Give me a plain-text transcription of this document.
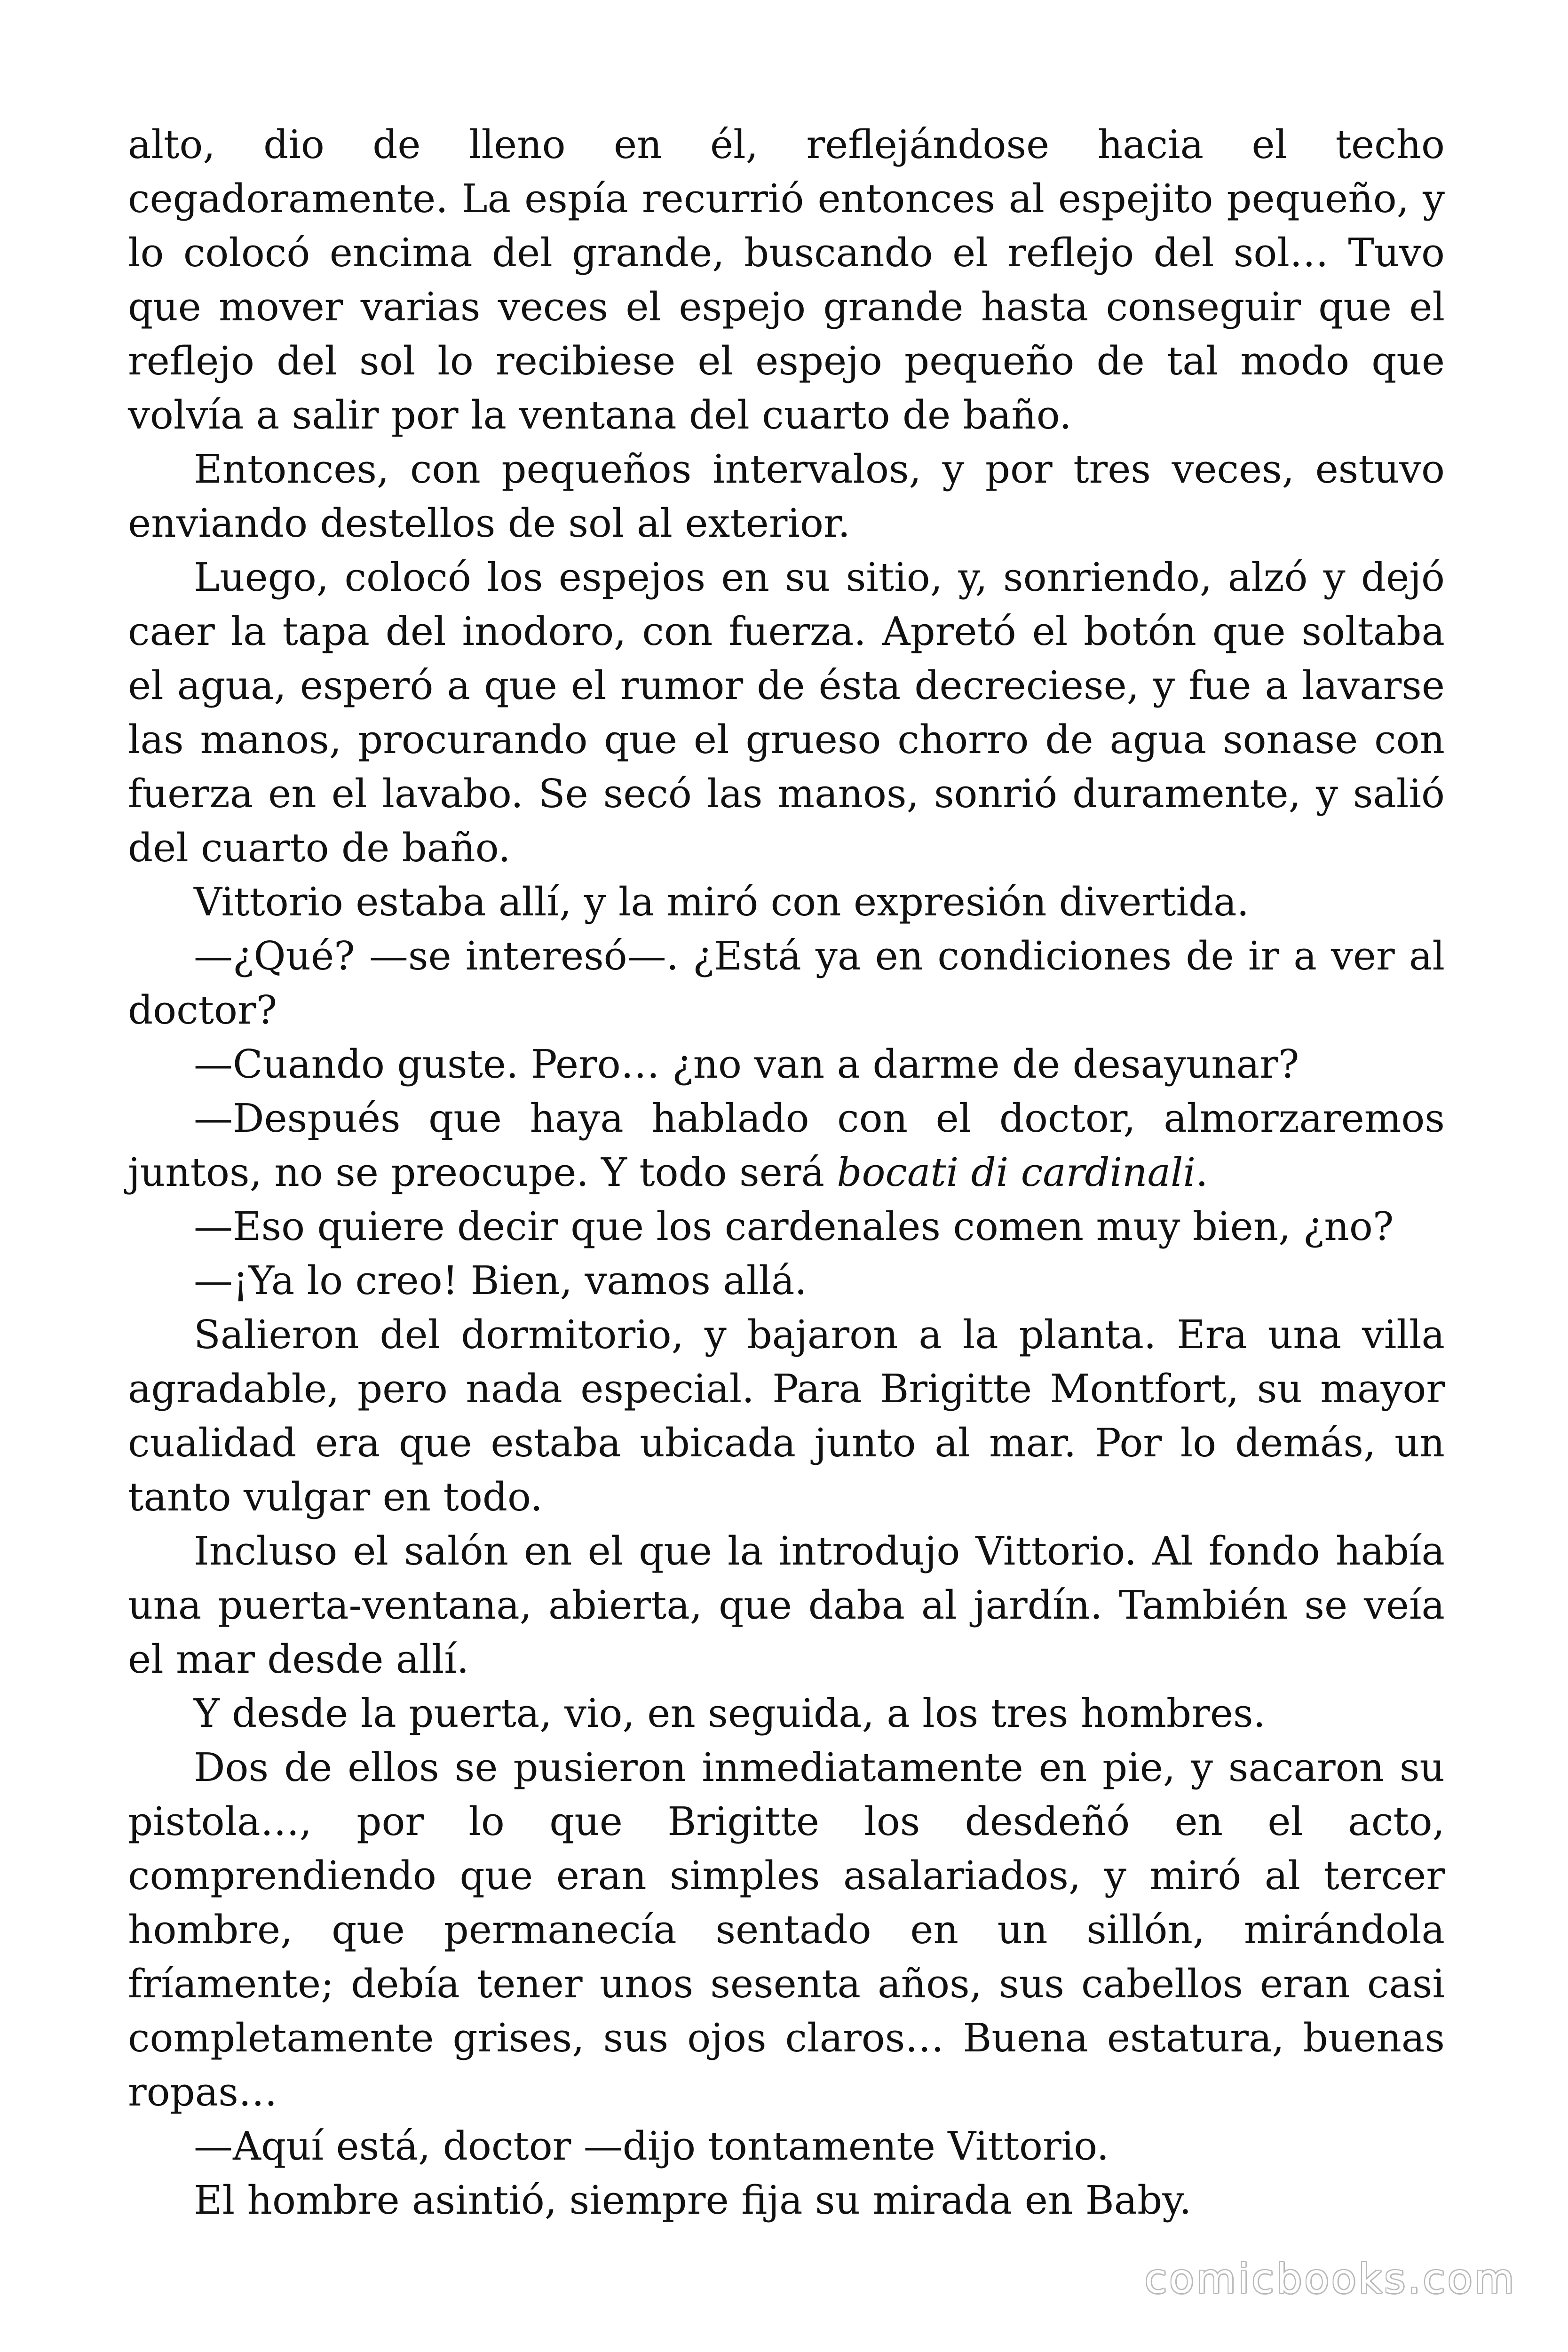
alto, dio de lleno en él, reflejándose hacia el techo cegadoramente. La espía recurrió entonces al espejito pequeño, y lo colocó encima del grande, buscando el reflejo del sol… Tuvo que mover varias veces el espejo grande hasta conseguir que el reflejo del sol lo recibiese el espejo pequeño de tal modo que volvía a salir por la ventana del cuarto de baño.

Entonces, con pequeños intervalos, y por tres veces, estuvo enviando destellos de sol al exterior.

Luego, colocó los espejos en su sitio, y, sonriendo, alzó y dejó caer la tapa del inodoro, con fuerza. Apretó el botón que soltaba el agua, esperó a que el rumor de ésta decreciese, y fue a lavarse las manos, procurando que el grueso chorro de agua sonase con fuerza en el lavabo. Se secó las manos, sonrió duramente, y salió del cuarto de baño.

Vittorio estaba allí, y la miró con expresión divertida.

—¿Qué? —se interesó—. ¿Está ya en condiciones de ir a ver al doctor?

—Cuando guste. Pero… ¿no van a darme de desayunar?

—Después que haya hablado con el doctor, almorzaremos juntos, no se preocupe. Y todo será bocati di cardinali.

—Eso quiere decir que los cardenales comen muy bien, ¿no?

—¡Ya lo creo! Bien, vamos allá.

Salieron del dormitorio, y bajaron a la planta. Era una villa agradable, pero nada especial. Para Brigitte Montfort, su mayor cualidad era que estaba ubicada junto al mar. Por lo demás, un tanto vulgar en todo.

Incluso el salón en el que la introdujo Vittorio. Al fondo había una puerta-ventana, abierta, que daba al jardín. También se veía el mar desde allí.

Y desde la puerta, vio, en seguida, a los tres hombres.

Dos de ellos se pusieron inmediatamente en pie, y sacaron su pistola…, por lo que Brigitte los desdeñó en el acto, comprendiendo que eran simples asalariados, y miró al tercer hombre, que permanecía sentado en un sillón, mirándola fríamente; debía tener unos sesenta años, sus cabellos eran casi completamente grises, sus ojos claros… Buena estatura, buenas ropas…

—Aquí está, doctor —dijo tontamente Vittorio.

El hombre asintió, siempre fija su mirada en Baby.

comicbooks.com
